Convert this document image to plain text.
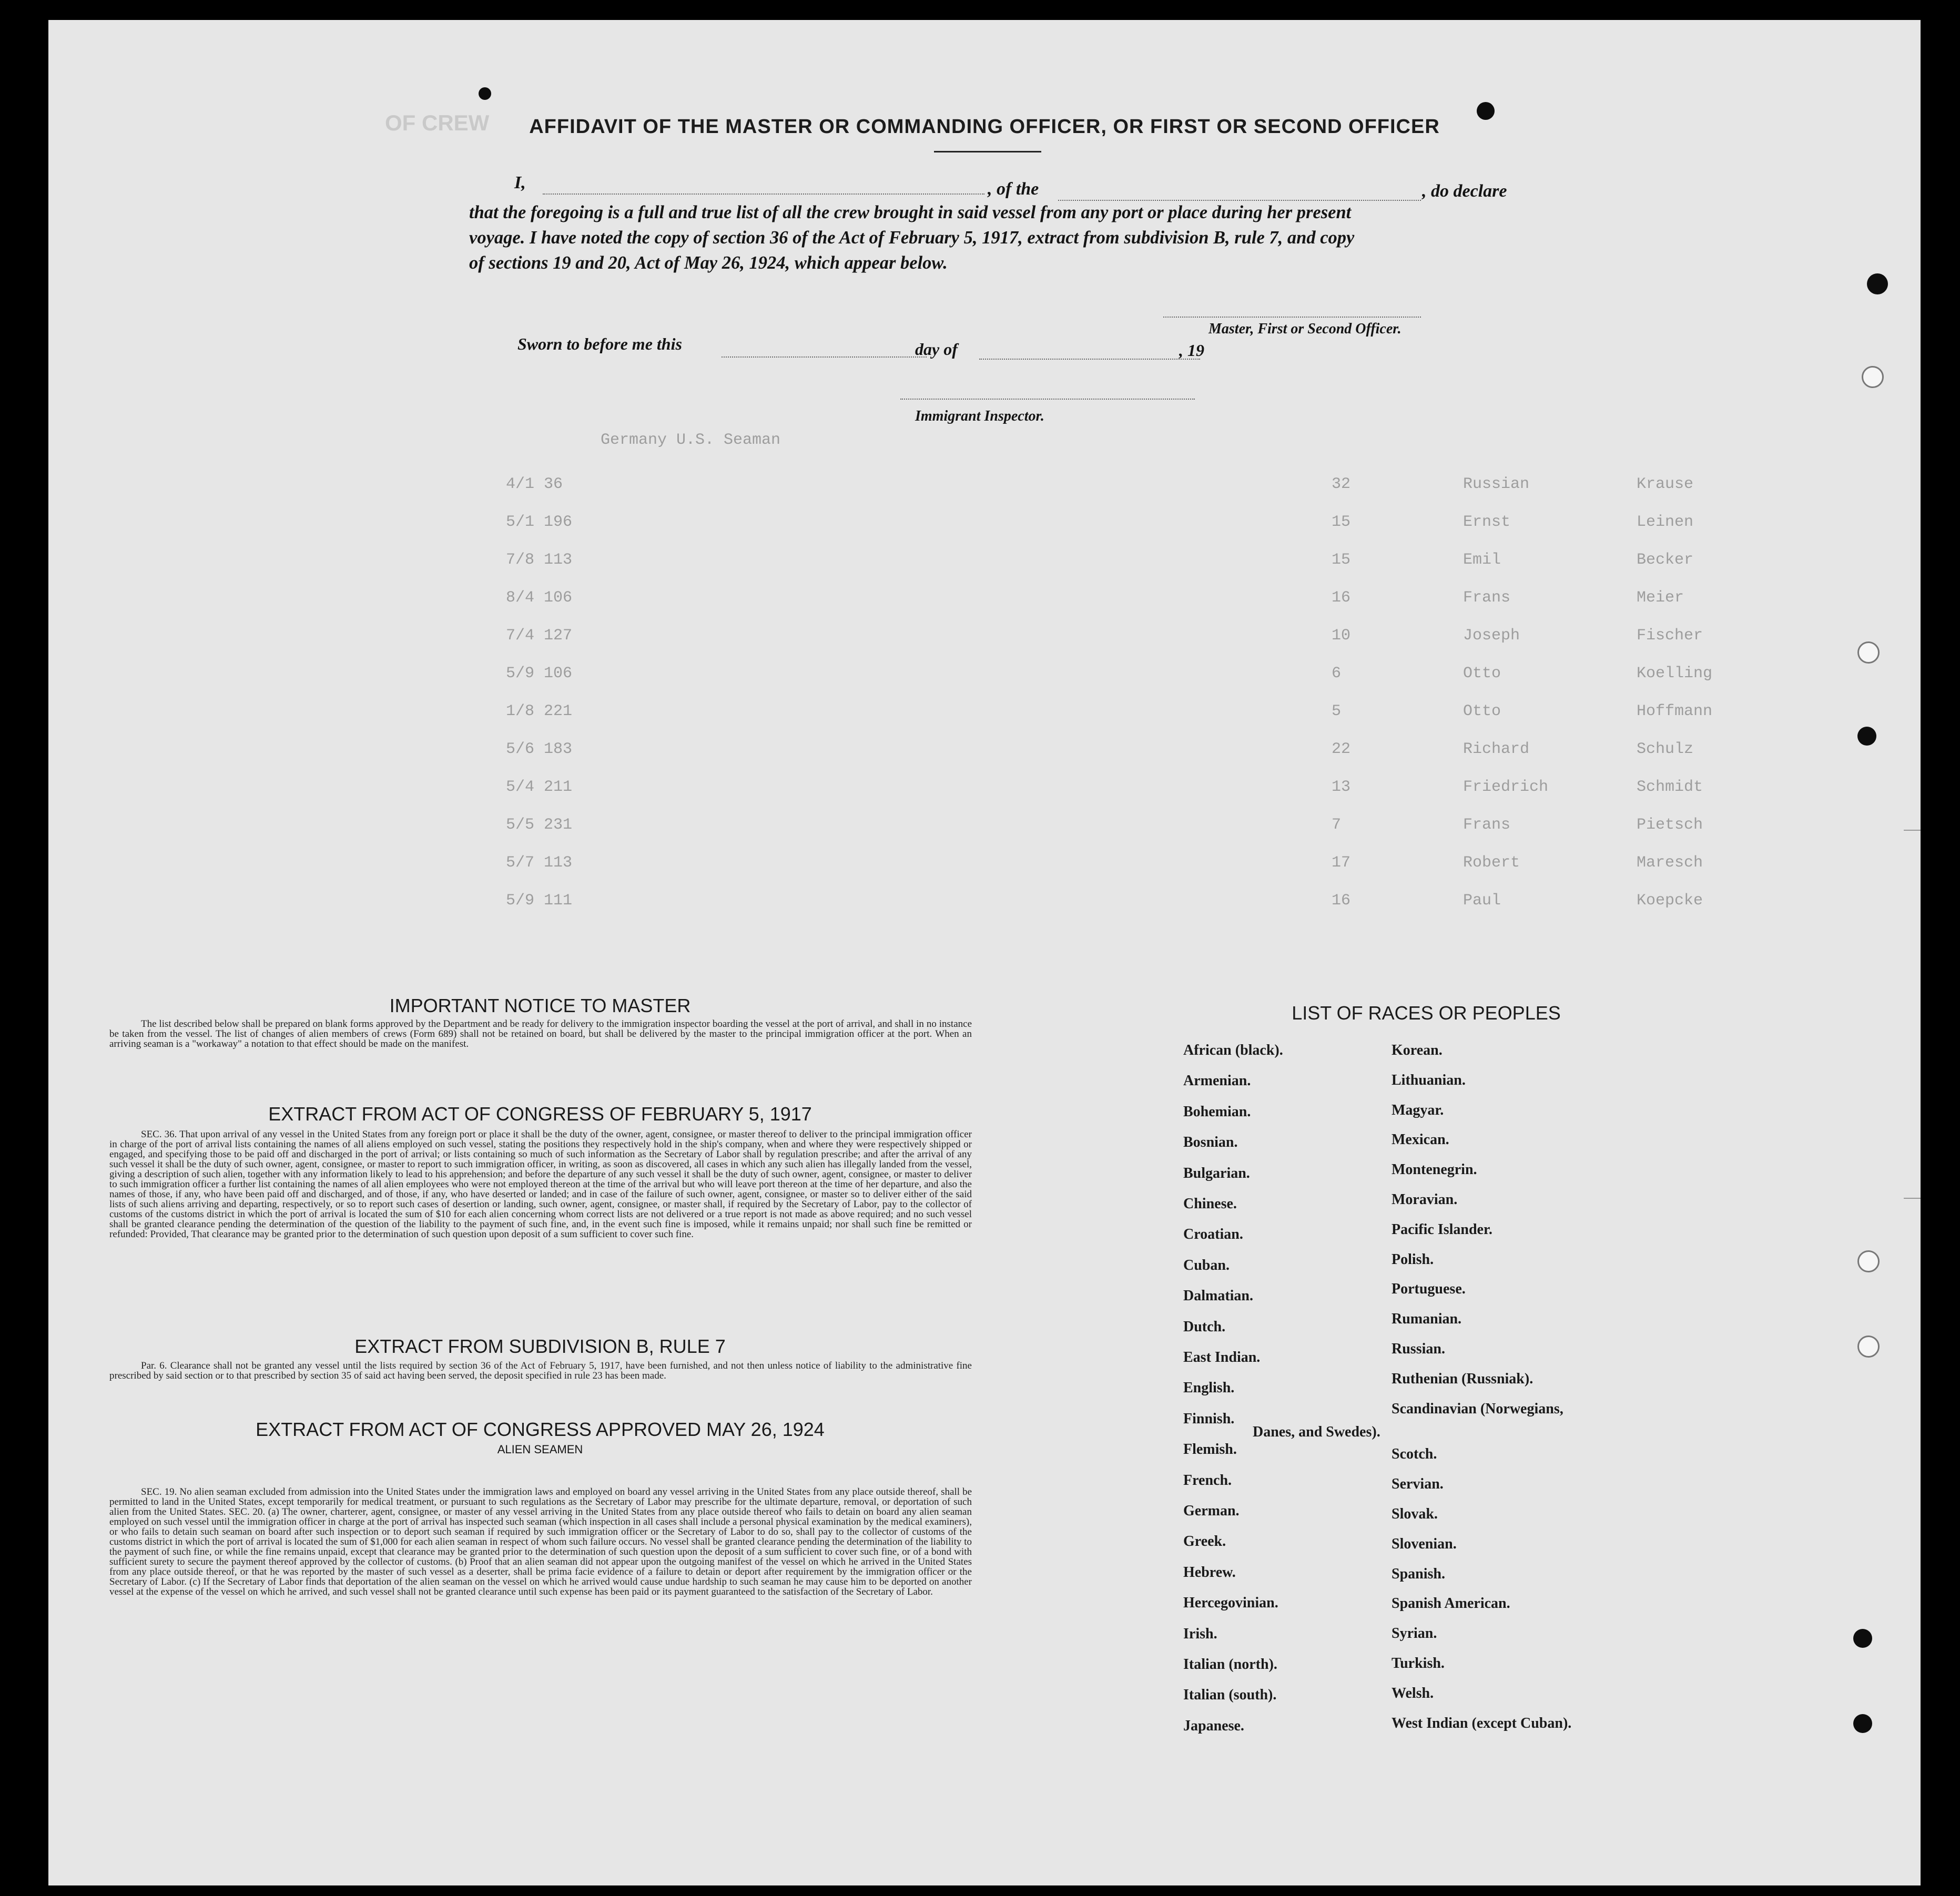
OF CREW
Germany U.S. Seaman
4/1 36	32	Russian	Krause
5/1 196	15	Ernst	Leinen
7/8 113	15	Emil	Becker
8/4 106	16	Frans	Meier
7/4 127	10	Joseph	Fischer
5/9 106	6	Otto	Koelling
1/8 221	5	Otto	Hoffmann
5/6 183	22	Richard	Schulz
5/4 211	13	Friedrich	Schmidt
5/5 231	7	Frans	Pietsch
5/7 113	17	Robert	Maresch
5/9 111	16	Paul	Koepcke
AFFIDAVIT OF THE MASTER OR COMMANDING OFFICER, OR FIRST OR SECOND OFFICER
I,	, of the	, do declare
that the foregoing is a full and true list of all the crew brought in said vessel from any port or place during her present
voyage. I have noted the copy of section 36 of the Act of February 5, 1917, extract from subdivision B, rule 7, and copy
of sections 19 and 20, Act of May 26, 1924, which appear below.
Master, First or Second Officer.
Sworn to before me this	day of	, 19
Immigrant Inspector.
IMPORTANT NOTICE TO MASTER
The list described below shall be prepared on blank forms approved by the Department and be ready for delivery to the immigration inspector boarding the vessel at the port of arrival, and shall in no instance be taken from the vessel. The list of changes of alien members of crews (Form 689) shall not be retained on board, but shall be delivered by the master to the principal immigration officer at the port. When an arriving seaman is a "workaway" a notation to that effect should be made on the manifest.
EXTRACT FROM ACT OF CONGRESS OF FEBRUARY 5, 1917
SEC. 36. That upon arrival of any vessel in the United States from any foreign port or place it shall be the duty of the owner, agent, consignee, or master thereof to deliver to the principal immigration officer in charge of the port of arrival lists containing the names of all aliens employed on such vessel, stating the positions they respectively hold in the ship's company, when and where they were respectively shipped or engaged, and specifying those to be paid off and discharged in the port of arrival; or lists containing so much of such information as the Secretary of Labor shall by regulation prescribe; and after the arrival of any such vessel it shall be the duty of such owner, agent, consignee, or master to report to such immigration officer, in writing, as soon as discovered, all cases in which any such alien has illegally landed from the vessel, giving a description of such alien, together with any information likely to lead to his apprehension; and before the departure of any such vessel it shall be the duty of such owner, agent, consignee, or master to deliver to such immigration officer a further list containing the names of all alien employees who were not employed thereon at the time of the arrival but who will leave port thereon at the time of her departure, and also the names of those, if any, who have been paid off and discharged, and of those, if any, who have deserted or landed; and in case of the failure of such owner, agent, consignee, or master so to deliver either of the said lists of such aliens arriving and departing, respectively, or so to report such cases of desertion or landing, such owner, agent, consignee, or master shall, if required by the Secretary of Labor, pay to the collector of customs of the customs district in which the port of arrival is located the sum of $10 for each alien concerning whom correct lists are not delivered or a true report is not made as above required; and no such vessel shall be granted clearance pending the determination of the question of the liability to the payment of such fine, and, in the event such fine is imposed, while it remains unpaid; nor shall such fine be remitted or refunded: Provided, That clearance may be granted prior to the determination of such question upon deposit of a sum sufficient to cover such fine.
EXTRACT FROM SUBDIVISION B, RULE 7
Par. 6. Clearance shall not be granted any vessel until the lists required by section 36 of the Act of February 5, 1917, have been furnished, and not then unless notice of liability to the administrative fine prescribed by said section or to that prescribed by section 35 of said act having been served, the deposit specified in rule 23 has been made.
EXTRACT FROM ACT OF CONGRESS APPROVED MAY 26, 1924
ALIEN SEAMEN
SEC. 19. No alien seaman excluded from admission into the United States under the immigration laws and employed on board any vessel arriving in the United States from any place outside thereof, shall be permitted to land in the United States, except temporarily for medical treatment, or pursuant to such regulations as the Secretary of Labor may prescribe for the ultimate departure, removal, or deportation of such alien from the United States. SEC. 20. (a) The owner, charterer, agent, consignee, or master of any vessel arriving in the United States from any place outside thereof who fails to detain on board any alien seaman employed on such vessel until the immigration officer in charge at the port of arrival has inspected such seaman (which inspection in all cases shall include a personal physical examination by the medical examiners), or who fails to detain such seaman on board after such inspection or to deport such seaman if required by such immigration officer or the Secretary of Labor to do so, shall pay to the collector of customs of the customs district in which the port of arrival is located the sum of $1,000 for each alien seaman in respect of whom such failure occurs. No vessel shall be granted clearance pending the determination of the liability to the payment of such fine, or while the fine remains unpaid, except that clearance may be granted prior to the determination of such question upon the deposit of a sum sufficient to cover such fine, or of a bond with sufficient surety to secure the payment thereof approved by the collector of customs. (b) Proof that an alien seaman did not appear upon the outgoing manifest of the vessel on which he arrived in the United States from any place outside thereof, or that he was reported by the master of such vessel as a deserter, shall be prima facie evidence of a failure to detain or deport after requirement by the immigration officer or the Secretary of Labor. (c) If the Secretary of Labor finds that deportation of the alien seaman on the vessel on which he arrived would cause undue hardship to such seaman he may cause him to be deported on another vessel at the expense of the vessel on which he arrived, and such vessel shall not be granted clearance until such expense has been paid or its payment guaranteed to the satisfaction of the Secretary of Labor.
LIST OF RACES OR PEOPLES
African (black).
Armenian.
Bohemian.
Bosnian.
Bulgarian.
Chinese.
Croatian.
Cuban.
Dalmatian.
Dutch.
East Indian.
English.
Finnish.
Flemish.
French.
German.
Greek.
Hebrew.
Hercegovinian.
Irish.
Italian (north).
Italian (south).
Japanese.
Korean.
Lithuanian.
Magyar.
Mexican.
Montenegrin.
Moravian.
Pacific Islander.
Polish.
Portuguese.
Rumanian.
Russian.
Ruthenian (Russniak).
Scandinavian (Norwegians,
Scotch.
Servian.
Slovak.
Slovenian.
Spanish.
Spanish American.
Syrian.
Turkish.
Welsh.
West Indian (except Cuban).
Danes, and Swedes).
